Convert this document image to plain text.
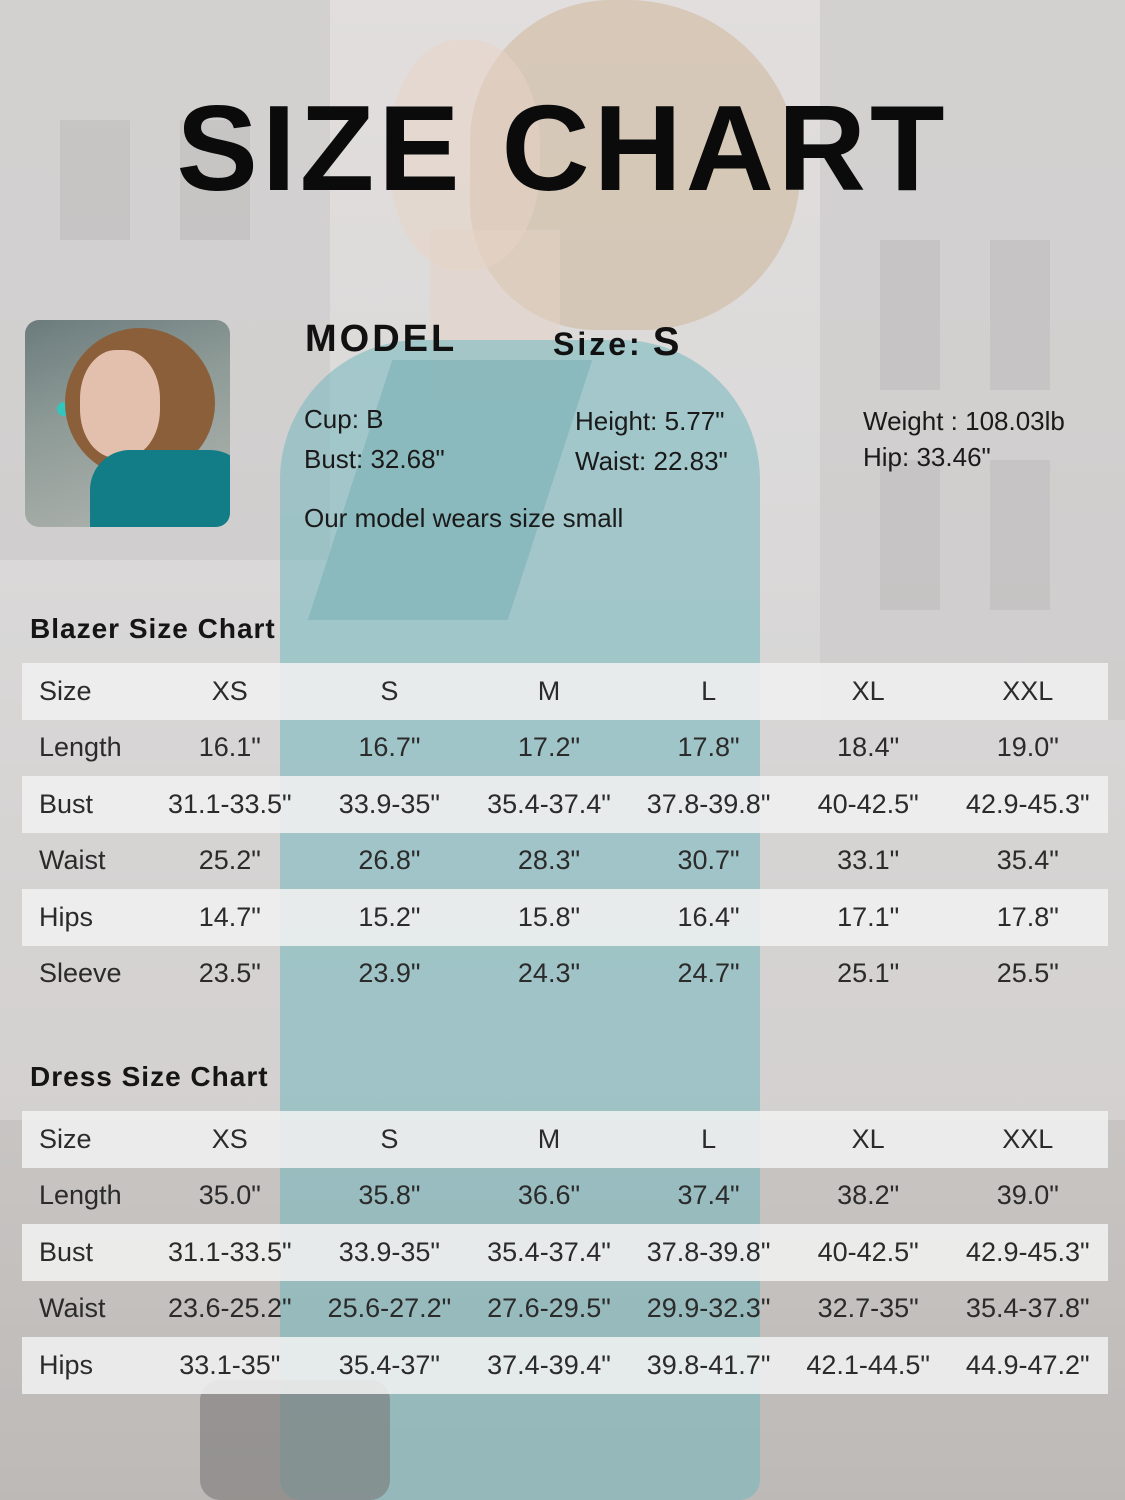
SIZE CHART
MODEL	Size: S
Cup: B
Bust: 32.68"
Height: 5.77"
Waist: 22.83"
Weight : 108.03lb
Hip: 33.46"
Our model wears size small
Blazer Size Chart
Size	XS	S	M	L	XL	XXL
Length	16.1"	16.7"	17.2"	17.8"	18.4"	19.0"
Bust	31.1-33.5"	33.9-35"	35.4-37.4"	37.8-39.8"	40-42.5"	42.9-45.3"
Waist	25.2"	26.8"	28.3"	30.7"	33.1"	35.4"
Hips	14.7"	15.2"	15.8"	16.4"	17.1"	17.8"
Sleeve	23.5"	23.9"	24.3"	24.7"	25.1"	25.5"
Dress Size Chart
Size	XS	S	M	L	XL	XXL
Length	35.0"	35.8"	36.6"	37.4"	38.2"	39.0"
Bust	31.1-33.5"	33.9-35"	35.4-37.4"	37.8-39.8"	40-42.5"	42.9-45.3"
Waist	23.6-25.2"	25.6-27.2"	27.6-29.5"	29.9-32.3"	32.7-35"	35.4-37.8"
Hips	33.1-35"	35.4-37"	37.4-39.4"	39.8-41.7"	42.1-44.5"	44.9-47.2"
